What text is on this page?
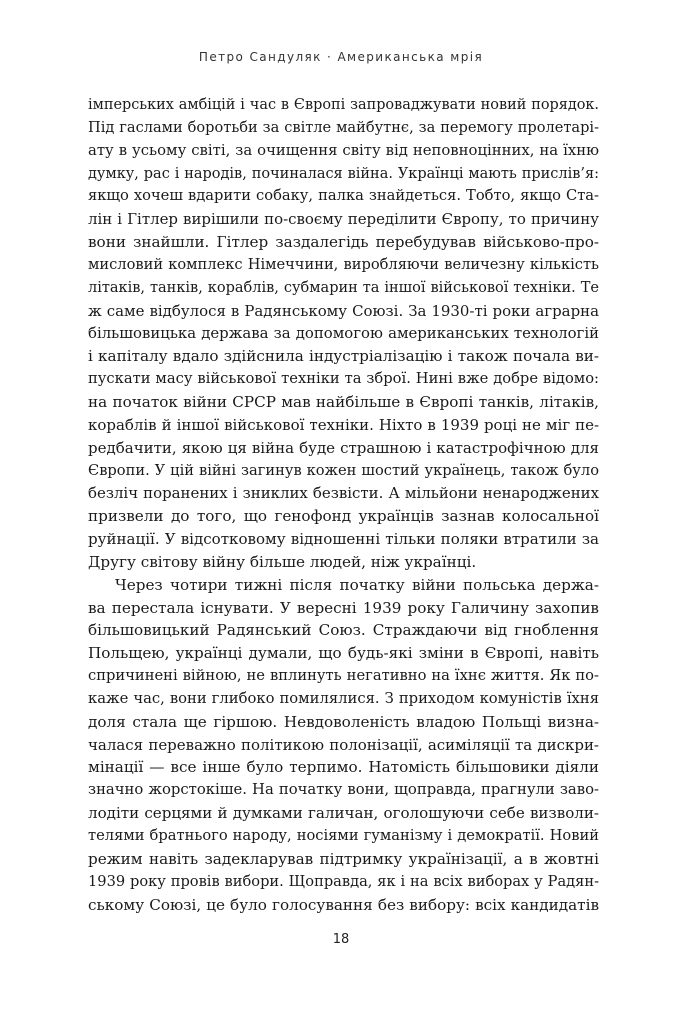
Петро Сандуляк · Американська мрія
імперських амбіцій і час в Європі запроваджувати новий порядок.
Під гаслами боротьби за світле майбутнє, за перемогу пролетарі-
ату в усьому світі, за очищення світу від неповноцінних, на їхню
думку, рас і народів, починалася війна. Українці мають прислів’я:
якщо хочеш вдарити собаку, палка знайдеться. Тобто, якщо Ста-
лін і Гітлер вирішили по-своєму переділити Європу, то причину
вони знайшли. Гітлер заздалегідь перебудував військово-про-
мисловий комплекс Німеччини, виробляючи величезну кількість
літаків, танків, кораблів, субмарин та іншої військової техніки. Те
ж саме відбулося в Радянському Союзі. За 1930-ті роки аграрна
більшовицька держава за допомогою американських технологій
і капіталу вдало здійснила індустріалізацію і також почала ви-
пускати масу військової техніки та зброї. Нині вже добре відомо:
на початок війни СРСР мав найбільше в Європі танків, літаків,
кораблів й іншої військової техніки. Ніхто в 1939 році не міг пе-
редбачити, якою ця війна буде страшною і катастрофічною для
Європи. У цій війні загинув кожен шостий українець, також було
безліч поранених і зниклих безвісти. А мільйони ненароджених
призвели до того, що генофонд українців зазнав колосальної
руйнації. У відсотковому відношенні тільки поляки втратили за
Другу світову війну більше людей, ніж українці.
Через чотири тижні після початку війни польська держа-
ва перестала існувати. У вересні 1939 року Галичину захопив
більшовицький Радянський Союз. Страждаючи від гноблення
Польщею, українці думали, що будь-які зміни в Європі, навіть
спричинені війною, не вплинуть негативно на їхнє життя. Як по-
каже час, вони глибоко помилялися. З приходом комуністів їхня
доля стала ще гіршою. Невдоволеність владою Польщі визна-
чалася переважно політикою полонізації, асиміляції та дискри-
мінації — все інше було терпимо. Натомість більшовики діяли
значно жорстокіше. На початку вони, щоправда, прагнули заво-
лодіти серцями й думками галичан, оголошуючи себе визволи-
телями братнього народу, носіями гуманізму і демократії. Новий
режим навіть задекларував підтримку українізації, а в жовтні
1939 року провів вибори. Щоправда, як і на всіх виборах у Радян-
ському Союзі, це було голосування без вибору: всіх кандидатів
18
